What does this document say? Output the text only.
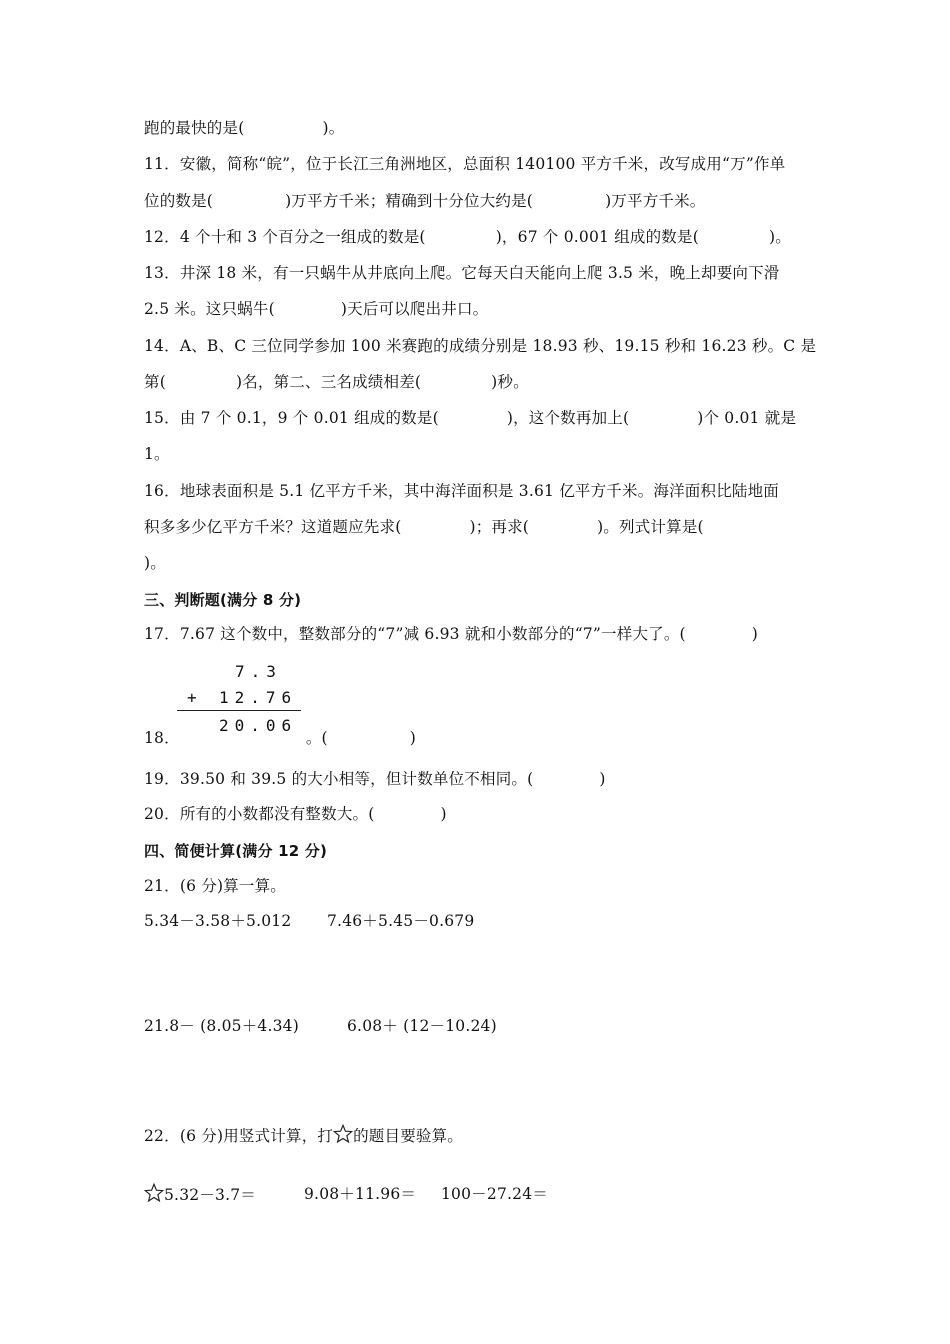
跑的最快的是(	)。
11．安徽，简称“皖”，位于长江三角洲地区，总面积 140100 平方千米，改写成用“万”作单
位的数是(	)万平方千米；精确到十分位大约是(	)万平方千米。
12．4 个十和 3 个百分之一组成的数是(	)，67 个 0.001 组成的数是(	)。
13．井深 18 米，有一只蜗牛从井底向上爬。它每天白天能向上爬 3.5 米，晚上却要向下滑
2.5 米。这只蜗牛(	)天后可以爬出井口。
14．A、B、C 三位同学参加 100 米赛跑的成绩分别是 18.93 秒、19.15 秒和 16.23 秒。C 是
第(	)名，第二、三名成绩相差(	)秒。
15．由 7 个 0.1，9 个 0.01 组成的数是(	)，这个数再加上(	)个 0.01 就是
1。
16．地球表面积是 5.1 亿平方千米，其中海洋面积是 3.61 亿平方千米。海洋面积比陆地面
积多多少亿平方千米？这道题应先求(	)；再求(	)。列式计算是(
)。
三、判断题(满分 8 分)
17．7.67 这个数中，整数部分的“7”减 6.93 就和小数部分的“7”一样大了。(	)
7.3
+ 12.76
20.06
18．	。(	)
19．39.50 和 39.5 的大小相等，但计数单位不相同。(	)
20．所有的小数都没有整数大。(	)
四、简便计算(满分 12 分)
21．(6 分)算一算。
5.34－3.58＋5.012 7.46＋5.45－0.679
21.8－ (8.05＋4.34)	6.08＋ (12－10.24)
22．(6 分)用竖式计算，打 的题目要验算。
5.32－3.7＝	9.08＋11.96＝ 100－27.24＝
